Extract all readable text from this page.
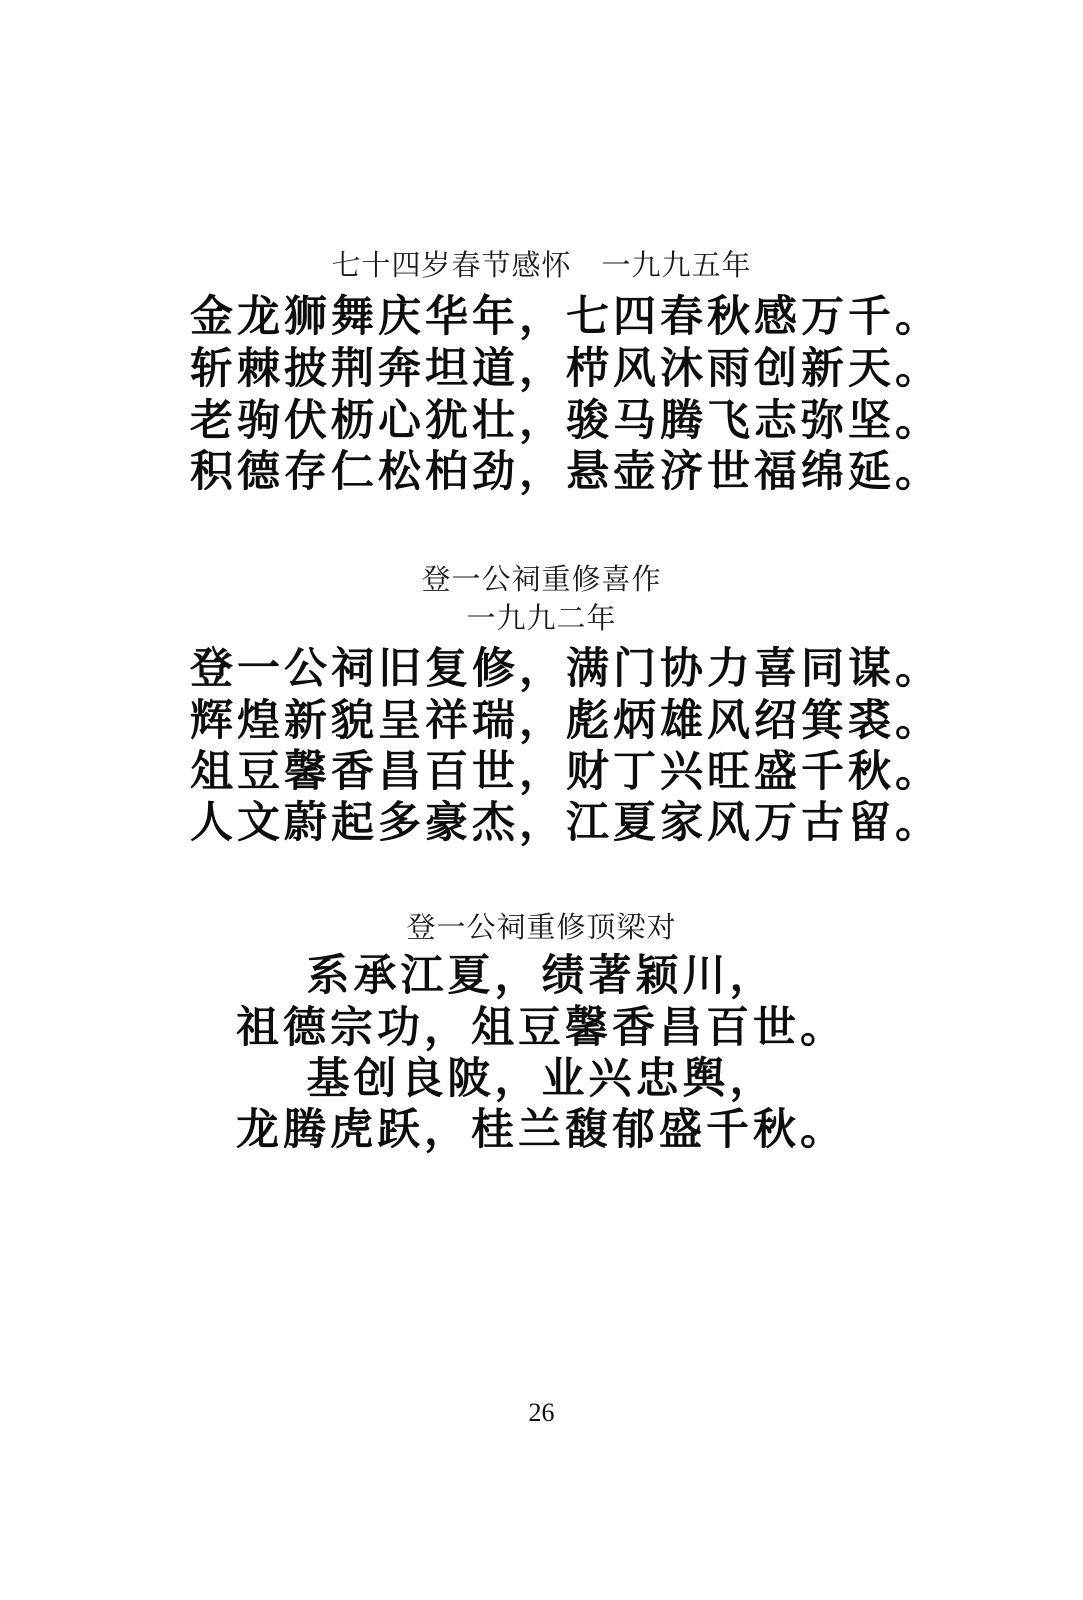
七十四岁春节感怀　一九九五年
金龙狮舞庆华年，七四春秋感万千。
斩棘披荆奔坦道，栉风沐雨创新天。
老驹伏枥心犹壮，骏马腾飞志弥坚。
积德存仁松柏劲，悬壶济世福绵延。
登一公祠重修喜作
一九九二年
登一公祠旧复修，满门协力喜同谋。
辉煌新貌呈祥瑞，彪炳雄风绍箕裘。
俎豆馨香昌百世，财丁兴旺盛千秋。
人文蔚起多豪杰，江夏家风万古留。
登一公祠重修顶梁对
系承江夏，绩著颖川，
祖德宗功，俎豆馨香昌百世。
基创良陂，业兴忠舆，
龙腾虎跃，桂兰馥郁盛千秋。
26
